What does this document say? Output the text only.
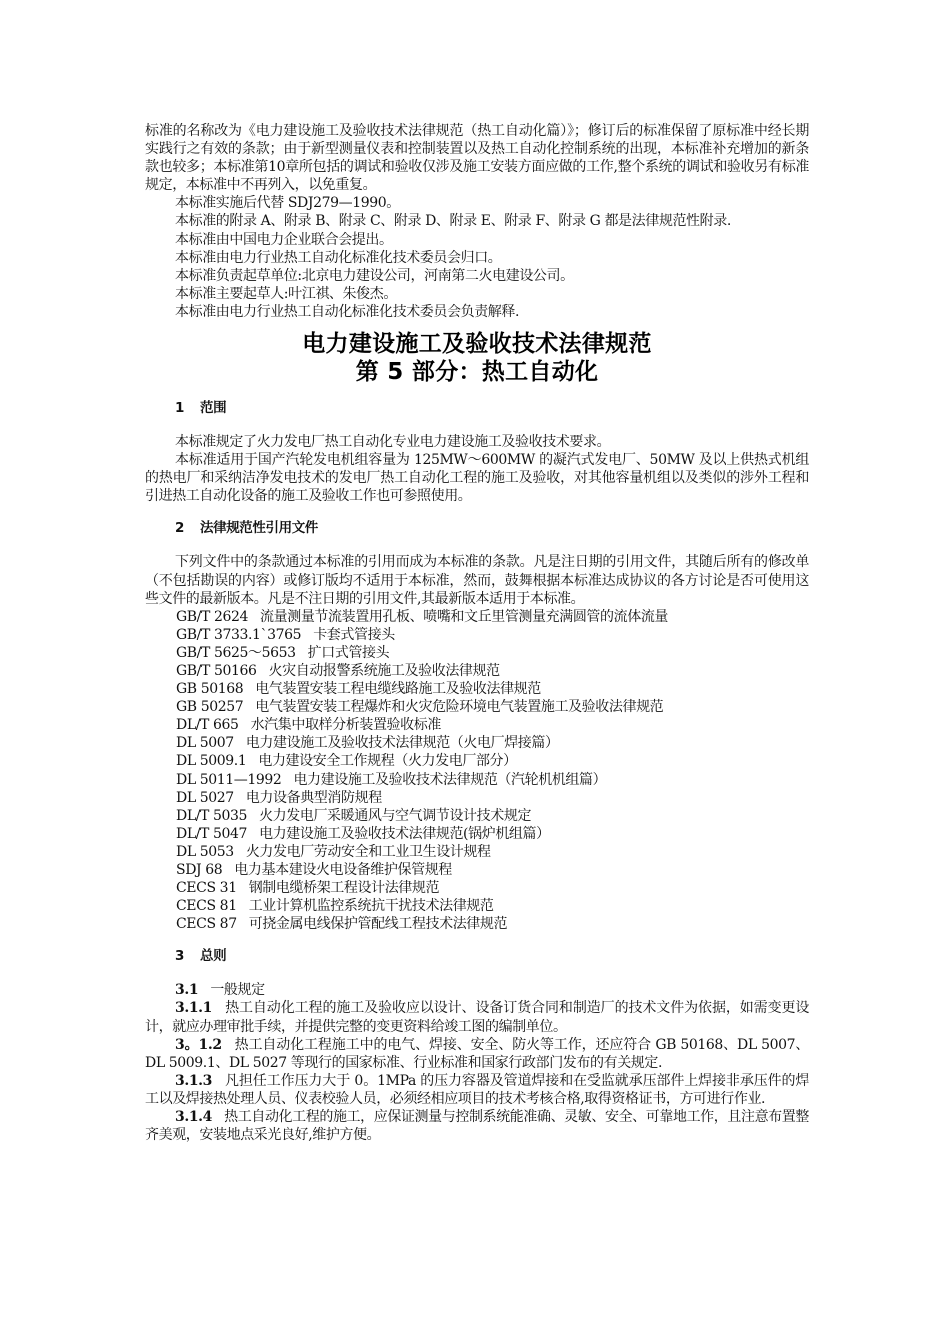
标准的名称改为《电力建设施工及验收技术法律规范（热工自动化篇）》；修订后的标准保留了原标准中经长期实践行之有效的条款；由于新型测量仪表和控制装置以及热工自动化控制系统的出现，本标准补充增加的新条款也较多；本标准第10章所包括的调试和验收仅涉及施工安装方面应做的工作,整个系统的调试和验收另有标准规定，本标准中不再列入，以免重复。

本标准实施后代替 SDJ279—1990。

本标准的附录 A、附录 B、附录 C、附录 D、附录 E、附录 F、附录 G 都是法律规范性附录.

本标准由中国电力企业联合会提出。

本标准由电力行业热工自动化标准化技术委员会归口。

本标准负责起草单位:北京电力建设公司，河南第二火电建设公司。

本标准主要起草人:叶江祺、朱俊杰。

本标准由电力行业热工自动化标准化技术委员会负责解释.

电力建设施工及验收技术法律规范
第 5 部分：热工自动化
1 范围

本标准规定了火力发电厂热工自动化专业电力建设施工及验收技术要求。

本标准适用于国产汽轮发电机组容量为 125MW～600MW 的凝汽式发电厂、50MW 及以上供热式机组的热电厂和采纳洁净发电技术的发电厂热工自动化工程的施工及验收，对其他容量机组以及类似的涉外工程和引进热工自动化设备的施工及验收工作也可参照使用。

2 法律规范性引用文件

下列文件中的条款通过本标准的引用而成为本标准的条款。凡是注日期的引用文件，其随后所有的修改单（不包括勘误的内容）或修订版均不适用于本标准，然而，鼓舞根据本标准达成协议的各方讨论是否可使用这些文件的最新版本。凡是不注日期的引用文件,其最新版本适用于本标准。

GB/T 2624 流量测量节流装置用孔板、喷嘴和文丘里管测量充满圆管的流体流量

GB/T 3733.1`3765 卡套式管接头

GB/T 5625～5653 扩口式管接头

GB/T 50166 火灾自动报警系统施工及验收法律规范

GB 50168 电气装置安装工程电缆线路施工及验收法律规范

GB 50257 电气装置安装工程爆炸和火灾危险环境电气装置施工及验收法律规范

DL/T 665 水汽集中取样分析装置验收标准

DL 5007 电力建设施工及验收技术法律规范（火电厂焊接篇）

DL 5009.1 电力建设安全工作规程（火力发电厂部分）

DL 5011—1992 电力建设施工及验收技术法律规范（汽轮机机组篇）

DL 5027 电力设备典型消防规程

DL/T 5035 火力发电厂采暖通风与空气调节设计技术规定

DL/T 5047 电力建设施工及验收技术法律规范(锅炉机组篇）

DL 5053 火力发电厂劳动安全和工业卫生设计规程

SDJ 68 电力基本建设火电设备维护保管规程

CECS 31 钢制电缆桥架工程设计法律规范

CECS 81 工业计算机监控系统抗干扰技术法律规范

CECS 87 可挠金属电线保护管配线工程技术法律规范

3 总则

3.1 一般规定

3.1.1 热工自动化工程的施工及验收应以设计、设备订货合同和制造厂的技术文件为依据，如需变更设计，就应办理审批手续，并提供完整的变更资料给竣工图的编制单位。

3。1.2 热工自动化工程施工中的电气、焊接、安全、防火等工作，还应符合 GB 50168、DL 5007、DL 5009.1、DL 5027 等现行的国家标准、行业标准和国家行政部门发布的有关规定.

3.1.3 凡担任工作压力大于 0。1MPa 的压力容器及管道焊接和在受监就承压部件上焊接非承压件的焊工以及焊接热处理人员、仪表校验人员，必须经相应项目的技术考核合格,取得资格证书，方可进行作业.

3.1.4 热工自动化工程的施工，应保证测量与控制系统能准确、灵敏、安全、可靠地工作，且注意布置整齐美观，安装地点采光良好,维护方便。
